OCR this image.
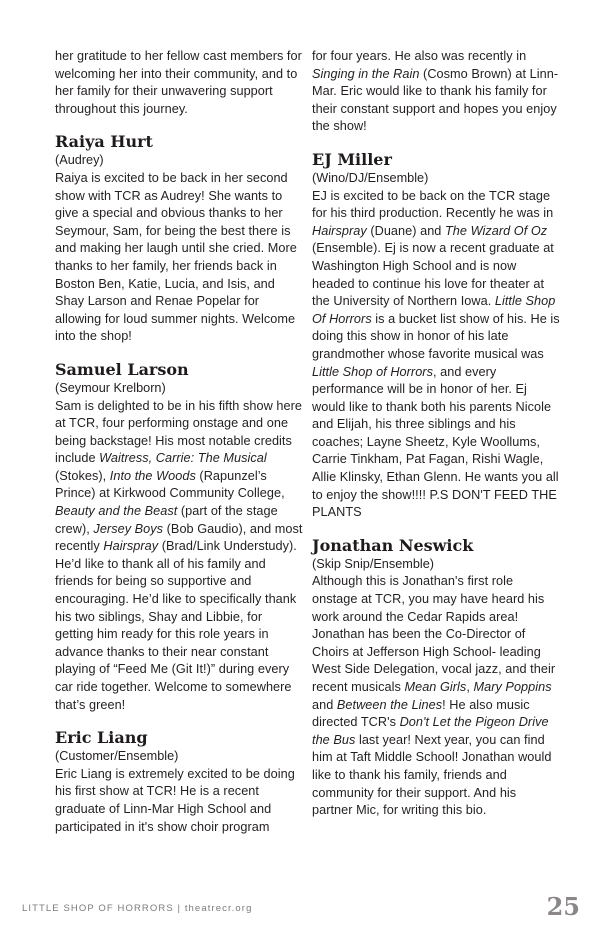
her gratitude to her fellow cast members for welcoming her into their community, and to her family for their unwavering support throughout this journey.

Raiya Hurt

(Audrey)

Raiya is excited to be back in her second show with TCR as Audrey! She wants to give a special and obvious thanks to her Seymour, Sam, for being the best there is and making her laugh until she cried. More thanks to her family, her friends back in Boston Ben, Katie, Lucia, and Isis, and Shay Larson and Renae Popelar for allowing for loud summer nights. Welcome into the shop!

Samuel Larson

(Seymour Krelborn)

Sam is delighted to be in his fifth show here at TCR, four performing onstage and one being backstage! His most notable credits include Waitress, Carrie: The Musical (Stokes), Into the Woods (Rapunzel’s Prince) at Kirkwood Community College, Beauty and the Beast (part of the stage crew), Jersey Boys (Bob Gaudio), and most recently Hairspray (Brad/Link Understudy). He’d like to thank all of his family and friends for being so supportive and encouraging. He’d like to specifically thank his two siblings, Shay and Libbie, for getting him ready for this role years in advance thanks to their near constant playing of “Feed Me (Git It!)” during every car ride together. Welcome to somewhere that’s green!

Eric Liang

(Customer/Ensemble)

Eric Liang is extremely excited to be doing his first show at TCR! He is a recent graduate of Linn-Mar High School and participated in it's show choir program

for four years. He also was recently in Singing in the Rain (Cosmo Brown) at Linn-Mar. Eric would like to thank his family for their constant support and hopes you enjoy the show!

EJ Miller

(Wino/DJ/Ensemble)

EJ is excited to be back on the TCR stage for his third production. Recently he was in Hairspray (Duane) and The Wizard Of Oz (Ensemble). Ej is now a recent graduate at Washington High School and is now headed to continue his love for theater at the University of Northern Iowa. Little Shop Of Horrors is a bucket list show of his. He is doing this show in honor of his late grandmother whose favorite musical was Little Shop of Horrors, and every performance will be in honor of her. Ej would like to thank both his parents Nicole and Elijah, his three siblings and his coaches; Layne Sheetz, Kyle Woollums, Carrie Tinkham, Pat Fagan, Rishi Wagle, Allie Klinsky, Ethan Glenn. He wants you all to enjoy the show!!!! P.S DON'T FEED THE PLANTS

Jonathan Neswick

(Skip Snip/Ensemble)

Although this is Jonathan's first role onstage at TCR, you may have heard his work around the Cedar Rapids area! Jonathan has been the Co-Director of Choirs at Jefferson High School- leading West Side Delegation, vocal jazz, and their recent musicals Mean Girls, Mary Poppins and Between the Lines! He also music directed TCR's Don't Let the Pigeon Drive the Bus last year! Next year, you can find him at Taft Middle School! Jonathan would like to thank his family, friends and community for their support. And his partner Mic, for writing this bio.

LITTLE SHOP OF HORRORS | theatrecr.org	25
